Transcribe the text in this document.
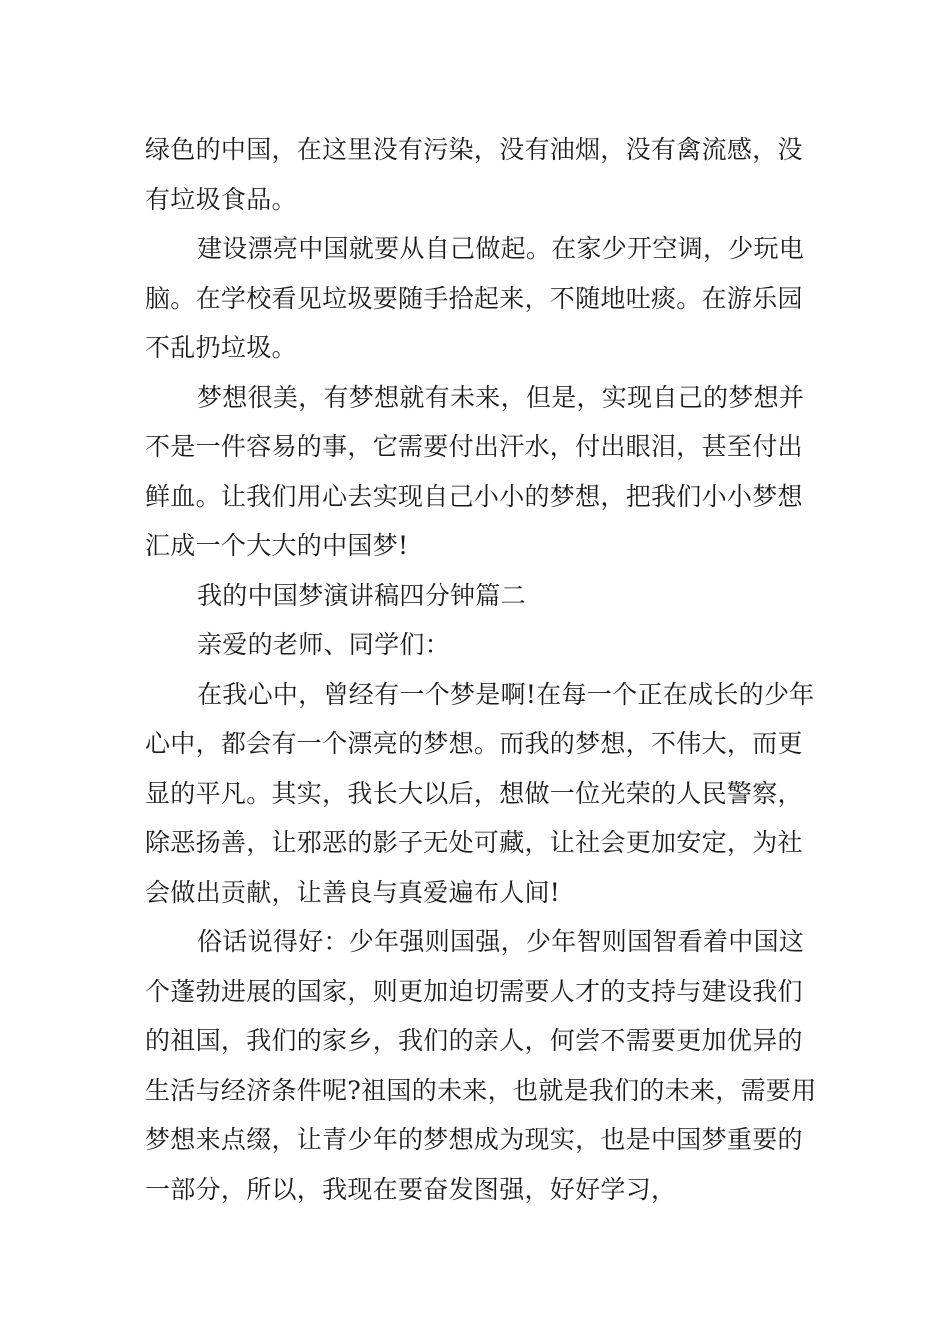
绿色的中国，在这里没有污染，没有油烟，没有禽流感，没有垃圾食品。

建设漂亮中国就要从自己做起。在家少开空调，少玩电脑。在学校看见垃圾要随手拾起来，不随地吐痰。在游乐园不乱扔垃圾。

梦想很美，有梦想就有未来，但是，实现自己的梦想并不是一件容易的事，它需要付出汗水，付出眼泪，甚至付出鲜血。让我们用心去实现自己小小的梦想，把我们小小梦想汇成一个大大的中国梦!

我的中国梦演讲稿四分钟篇二

亲爱的老师、同学们：

在我心中，曾经有一个梦是啊!在每一个正在成长的少年心中，都会有一个漂亮的梦想。而我的梦想，不伟大，而更显的平凡。其实，我长大以后，想做一位光荣的人民警察，除恶扬善，让邪恶的影子无处可藏，让社会更加安定，为社会做出贡献，让善良与真爱遍布人间!

俗话说得好：少年强则国强，少年智则国智看着中国这个蓬勃进展的国家，则更加迫切需要人才的支持与建设我们的祖国，我们的家乡，我们的亲人，何尝不需要更加优异的生活与经济条件呢?祖国的未来，也就是我们的未来，需要用梦想来点缀，让青少年的梦想成为现实，也是中国梦重要的一部分，所以，我现在要奋发图强，好好学习，
